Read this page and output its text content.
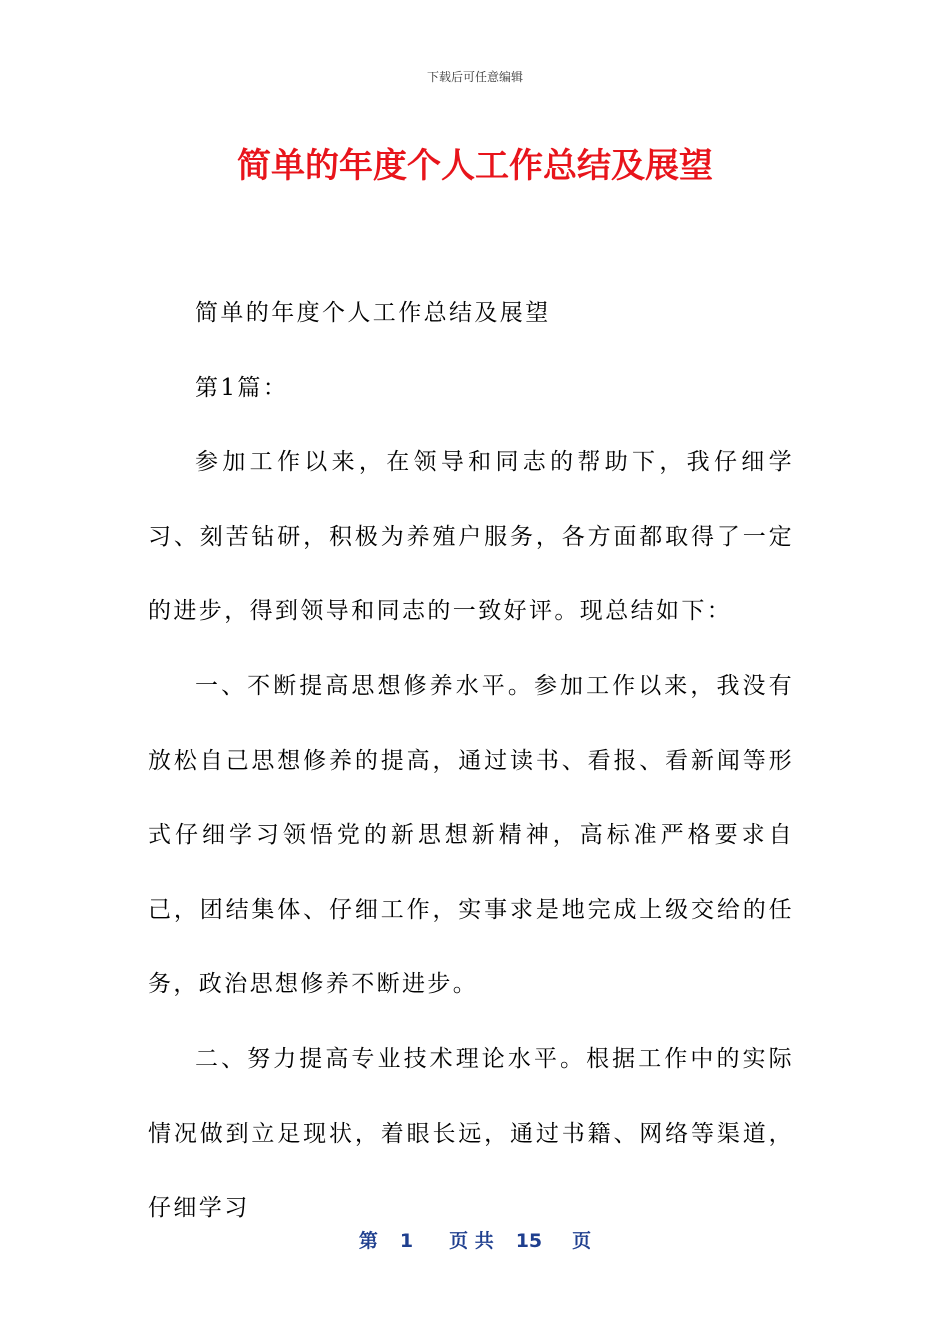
下载后可任意编辑
简单的年度个人工作总结及展望

简单的年度个人工作总结及展望

第1篇：

参加工作以来，在领导和同志的帮助下，我仔细学习、刻苦钻研，积极为养殖户服务，各方面都取得了一定的进步，得到领导和同志的一致好评。现总结如下：

一、不断提高思想修养水平。参加工作以来，我没有放松自己思想修养的提高，通过读书、看报、看新闻等形式仔细学习领悟党的新思想新精神，高标准严格要求自己，团结集体、仔细工作，实事求是地完成上级交给的任务，政治思想修养不断进步。

二、努力提高专业技术理论水平。根据工作中的实际情况做到立足现状，着眼长远，通过书籍、网络等渠道，仔细学习

第 1 页 共 15 页
